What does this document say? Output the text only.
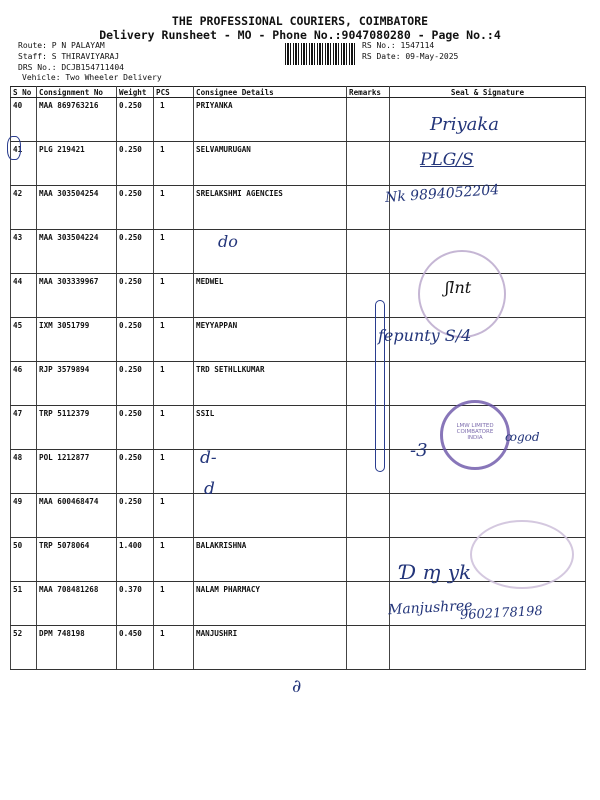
THE PROFESSIONAL COURIERS, COIMBATORE
Delivery Runsheet - MO - Phone No.:9047080280 - Page No.:4
Route: P N PALAYAM
Staff: S THIRAVIYARAJ
DRS No.: DCJB154711404
Vehicle: Two Wheeler Delivery
RS No.: 1547114
RS Date: 09-May-2025
S No	Consignment No	Weight	PCS	Consignee Details	Remarks	Seal & Signature
40	MAA 869763216	0.250	1	PRIYANKA		
41	PLG 219421	0.250	1	SELVAMURUGAN		
42	MAA 303504254	0.250	1	SRELAKSHMI AGENCIES		
43	MAA 303504224	0.250	1			
44	MAA 303339967	0.250	1	MEDWEL		
45	IXM 3051799	0.250	1	MEYYAPPAN		
46	RJP 3579894	0.250	1	TRD SETHLLKUMAR		
47	TRP 5112379	0.250	1	SSIL		
48	POL 1212877	0.250	1			
49	MAA 600468474	0.250	1			
50	TRP 5078064	1.400	1	BALAKRISHNA		
51	MAA 708481268	0.370	1	NALAM PHARMACY		
52	DPM 748198	0.450	1	MANJUSHRI		
Priyaka
PLG/S
Nk 9894052204
do
ʃlnt
fepunty S/4
LMW LIMITED COIMBATORE INDIA
-3
ꝏgod
d-
d
Ɗ ɱ yk
Manjushree
9602178198
∂
